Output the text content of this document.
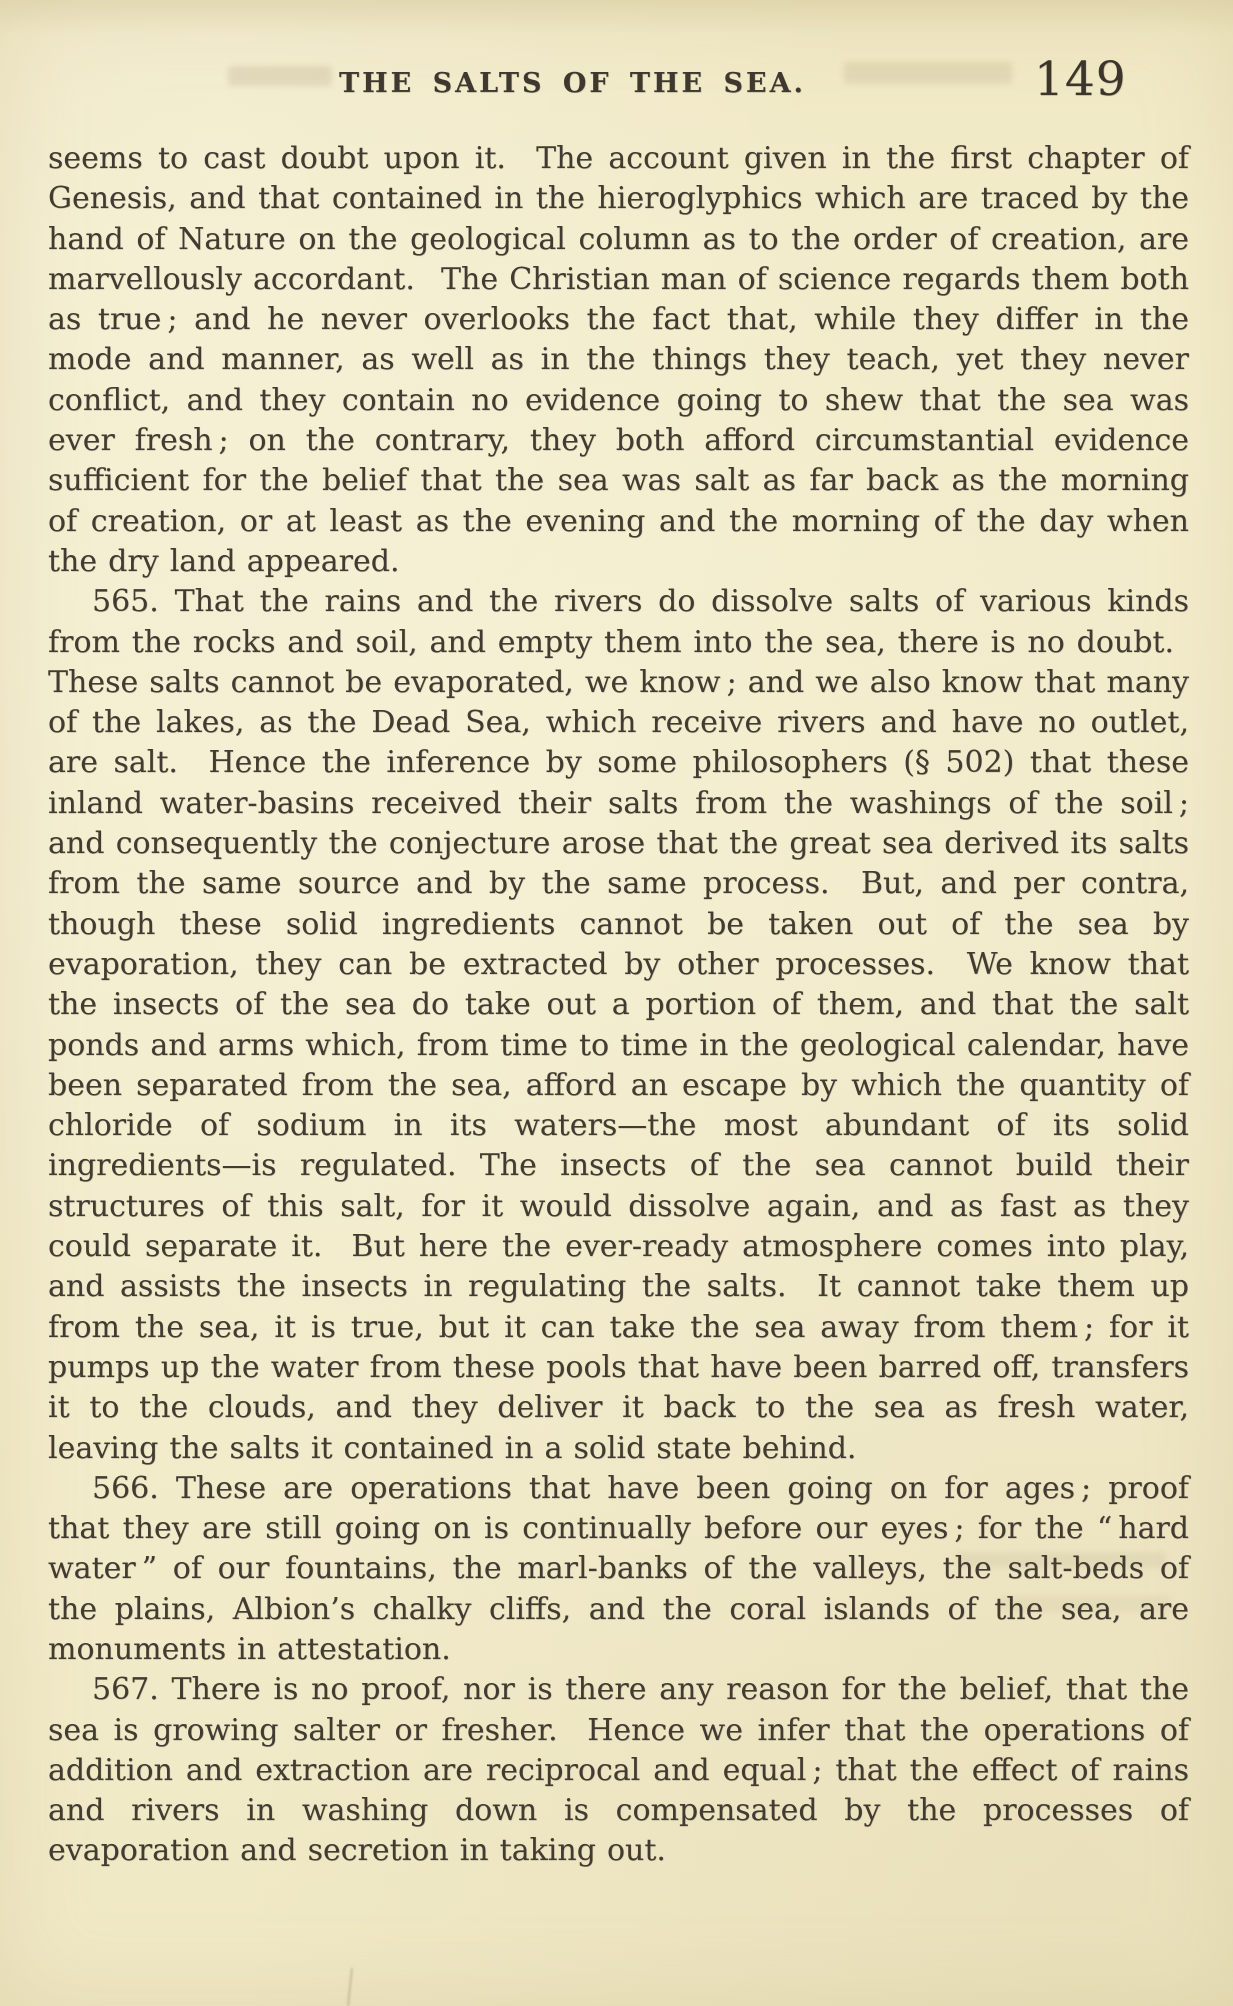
THE SALTS OF THE SEA.	149

seems to cast doubt upon it.  The account given in the first chapter of Genesis, and that contained in the hieroglyphics which are traced by the hand of Nature on the geological column as to the order of creation, are marvellously accordant.  The Christian man of science regards them both as true ; and he never overlooks the fact that, while they differ in the mode and manner, as well as in the things they teach, yet they never conflict, and they contain no evidence going to shew that the sea was ever fresh ; on the contrary, they both afford circumstantial evidence sufficient for the belief that the sea was salt as far back as the morning of creation, or at least as the evening and the morning of the day when the dry land appeared.

565. That the rains and the rivers do dissolve salts of various kinds from the rocks and soil, and empty them into the sea, there is no doubt.  These salts cannot be evaporated, we know ; and we also know that many of the lakes, as the Dead Sea, which receive rivers and have no outlet, are salt.  Hence the inference by some philosophers (§ 502) that these inland water-basins received their salts from the washings of the soil ; and consequently the conjecture arose that the great sea derived its salts from the same source and by the same process.  But, and per contra, though these solid ingredients cannot be taken out of the sea by evaporation, they can be extracted by other processes.  We know that the insects of the sea do take out a portion of them, and that the salt ponds and arms which, from time to time in the geological calendar, have been separated from the sea, afford an escape by which the quantity of chloride of sodium in its waters—the most abundant of its solid ingredients—is regulated. The insects of the sea cannot build their structures of this salt, for it would dissolve again, and as fast as they could separate it.  But here the ever-ready atmosphere comes into play, and assists the insects in regulating the salts.  It cannot take them up from the sea, it is true, but it can take the sea away from them ; for it pumps up the water from these pools that have been barred off, transfers it to the clouds, and they deliver it back to the sea as fresh water, leaving the salts it contained in a solid state behind.

566. These are operations that have been going on for ages ; proof that they are still going on is continually before our eyes ; for the “ hard water ” of our fountains, the marl-banks of the valleys, the salt-beds of the plains, Albion’s chalky cliffs, and the coral islands of the sea, are monuments in attestation.

567. There is no proof, nor is there any reason for the belief, that the sea is growing salter or fresher.  Hence we infer that the operations of addition and extraction are reciprocal and equal ; that the effect of rains and rivers in washing down is compensated by the processes of evaporation and secretion in taking out.
